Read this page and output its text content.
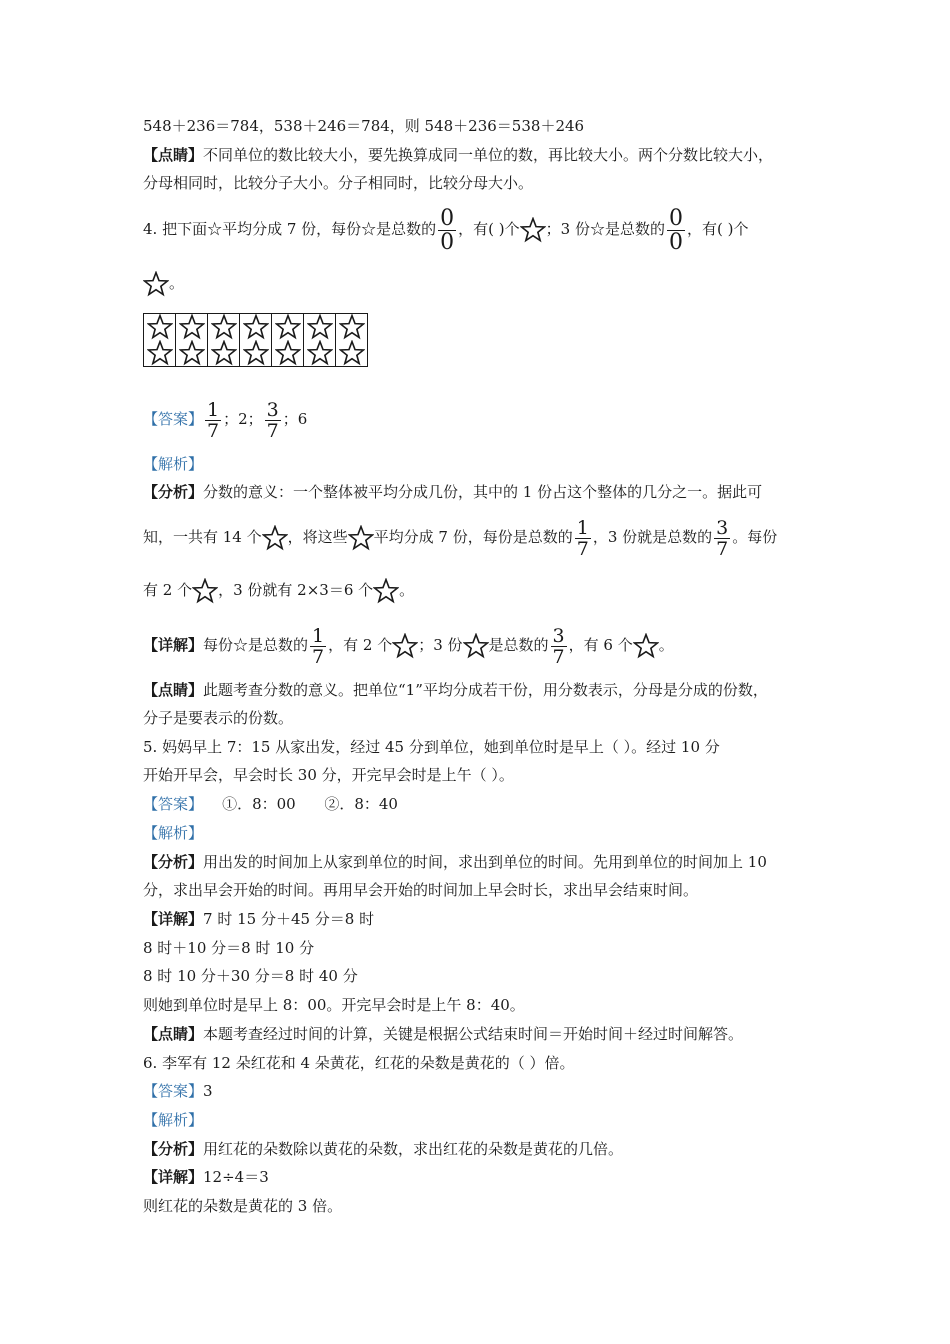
548＋236＝784，538＋246＝784，则 548＋236＝538＋246
【点睛】不同单位的数比较大小，要先换算成同一单位的数，再比较大小。两个分数比较大小，
分母相同时，比较分子大小。分子相同时，比较分母大小。
4. 把下面☆平均分成 7 份，每份☆是总数的 $\frac{0}{0}$ ，有( )个 ；3 份☆是总数的 $\frac{0}{0}$ ，有( )个
。

【答案】 $\frac{1}{7}$ ；2； $\frac{3}{7}$ ；6
【解析】
【分析】分数的意义：一个整体被平均分成几份，其中的 1 份占这个整体的几分之一。据此可
知，一共有 14 个 ，将这些 平均分成 7 份，每份是总数的 $\frac{1}{7}$ ，3 份就是总数的 $\frac{3}{7}$ 。每份
有 2 个 ，3 份就有 2×3＝6 个 。
【详解】每份☆是总数的 $\frac{1}{7}$ ，有 2 个 ；3 份 是总数的 $\frac{3}{7}$ ，有 6 个 。
【点睛】此题考查分数的意义。把单位“1”平均分成若干份，用分数表示，分母是分成的份数，
分子是要表示的份数。
5. 妈妈早上 7：15 从家出发，经过 45 分到单位，她到单位时是早上（ ）。经过 10 分
开始开早会，早会时长 30 分，开完早会时是上午（ ）。
【答案】    ①．8：00      ②．8：40
【解析】
【分析】用出发的时间加上从家到单位的时间，求出到单位的时间。先用到单位的时间加上 10
分，求出早会开始的时间。再用早会开始的时间加上早会时长，求出早会结束时间。
【详解】7 时 15 分＋45 分＝8 时
8 时＋10 分＝8 时 10 分
8 时 10 分＋30 分＝8 时 40 分
则她到单位时是早上 8：00。开完早会时是上午 8：40。
【点睛】本题考查经过时间的计算，关键是根据公式结束时间＝开始时间＋经过时间解答。
6. 李军有 12 朵红花和 4 朵黄花，红花的朵数是黄花的（ ）倍。
【答案】3
【解析】
【分析】用红花的朵数除以黄花的朵数，求出红花的朵数是黄花的几倍。
【详解】12÷4＝3
则红花的朵数是黄花的 3 倍。
